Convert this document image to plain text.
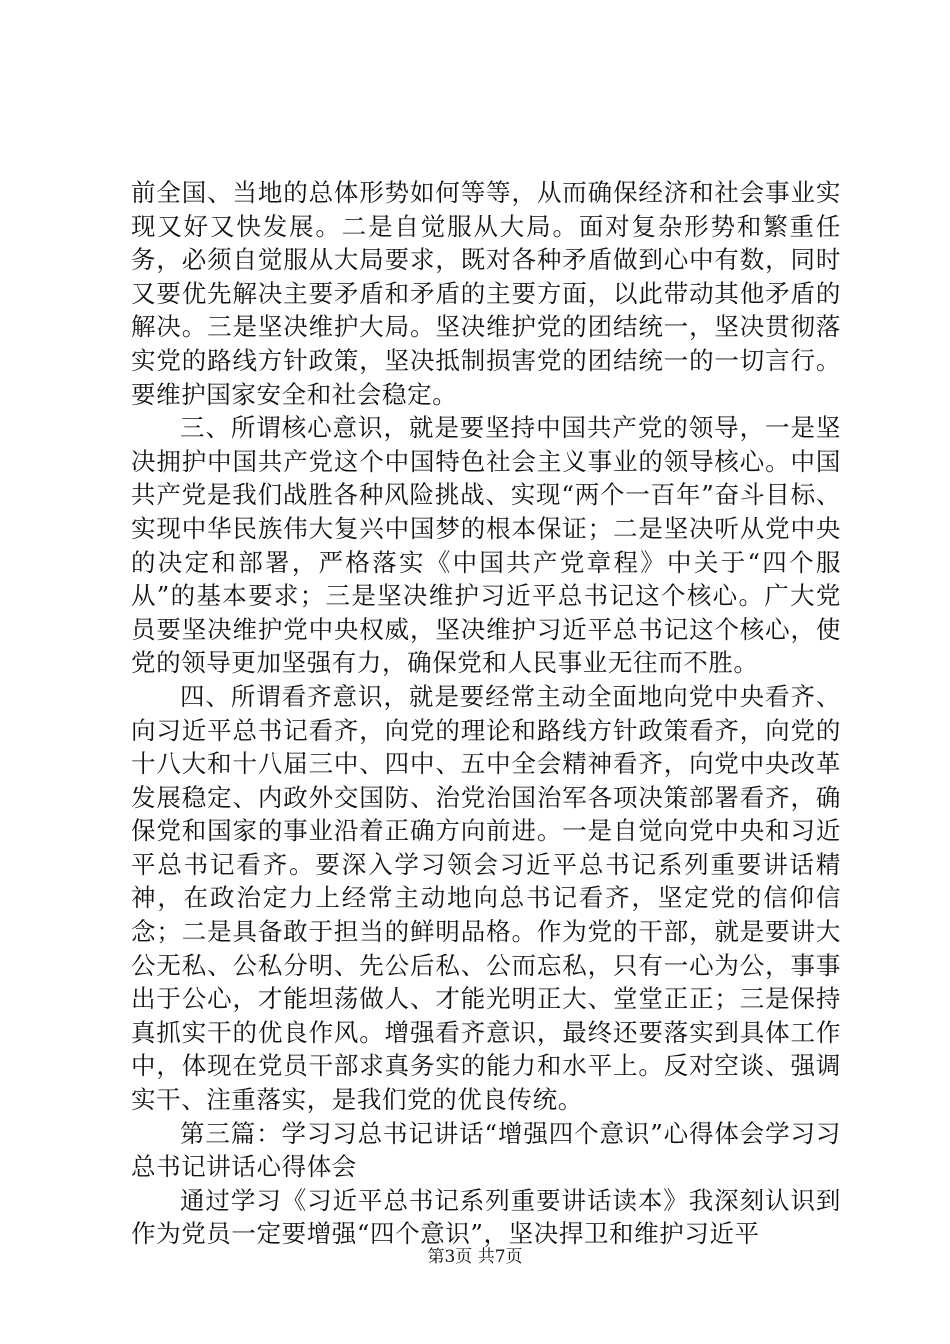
前全国、当地的总体形势如何等等，从而确保经济和社会事业实现又好又快发展。二是自觉服从大局。面对复杂形势和繁重任务，必须自觉服从大局要求，既对各种矛盾做到心中有数，同时又要优先解决主要矛盾和矛盾的主要方面，以此带动其他矛盾的解决。三是坚决维护大局。坚决维护党的团结统一，坚决贯彻落实党的路线方针政策，坚决抵制损害党的团结统一的一切言行。要维护国家安全和社会稳定。

三、所谓核心意识，就是要坚持中国共产党的领导，一是坚决拥护中国共产党这个中国特色社会主义事业的领导核心。中国共产党是我们战胜各种风险挑战、实现“两个一百年”奋斗目标、实现中华民族伟大复兴中国梦的根本保证；二是坚决听从党中央的决定和部署，严格落实《中国共产党章程》中关于“四个服从”的基本要求；三是坚决维护习近平总书记这个核心。广大党员要坚决维护党中央权威，坚决维护习近平总书记这个核心，使党的领导更加坚强有力，确保党和人民事业无往而不胜。

四、所谓看齐意识，就是要经常主动全面地向党中央看齐、向习近平总书记看齐，向党的理论和路线方针政策看齐，向党的十八大和十八届三中、四中、五中全会精神看齐，向党中央改革发展稳定、内政外交国防、治党治国治军各项决策部署看齐，确保党和国家的事业沿着正确方向前进。一是自觉向党中央和习近平总书记看齐。要深入学习领会习近平总书记系列重要讲话精神，在政治定力上经常主动地向总书记看齐，坚定党的信仰信念；二是具备敢于担当的鲜明品格。作为党的干部，就是要讲大公无私、公私分明、先公后私、公而忘私，只有一心为公，事事出于公心，才能坦荡做人、才能光明正大、堂堂正正；三是保持真抓实干的优良作风。增强看齐意识，最终还要落实到具体工作中，体现在党员干部求真务实的能力和水平上。反对空谈、强调实干、注重落实，是我们党的优良传统。

第三篇：学习习总书记讲话“增强四个意识”心得体会学习习总书记讲话心得体会

通过学习《习近平总书记系列重要讲话读本》我深刻认识到作为党员一定要增强“四个意识”，坚决捍卫和维护习近平

第3页 共7页
